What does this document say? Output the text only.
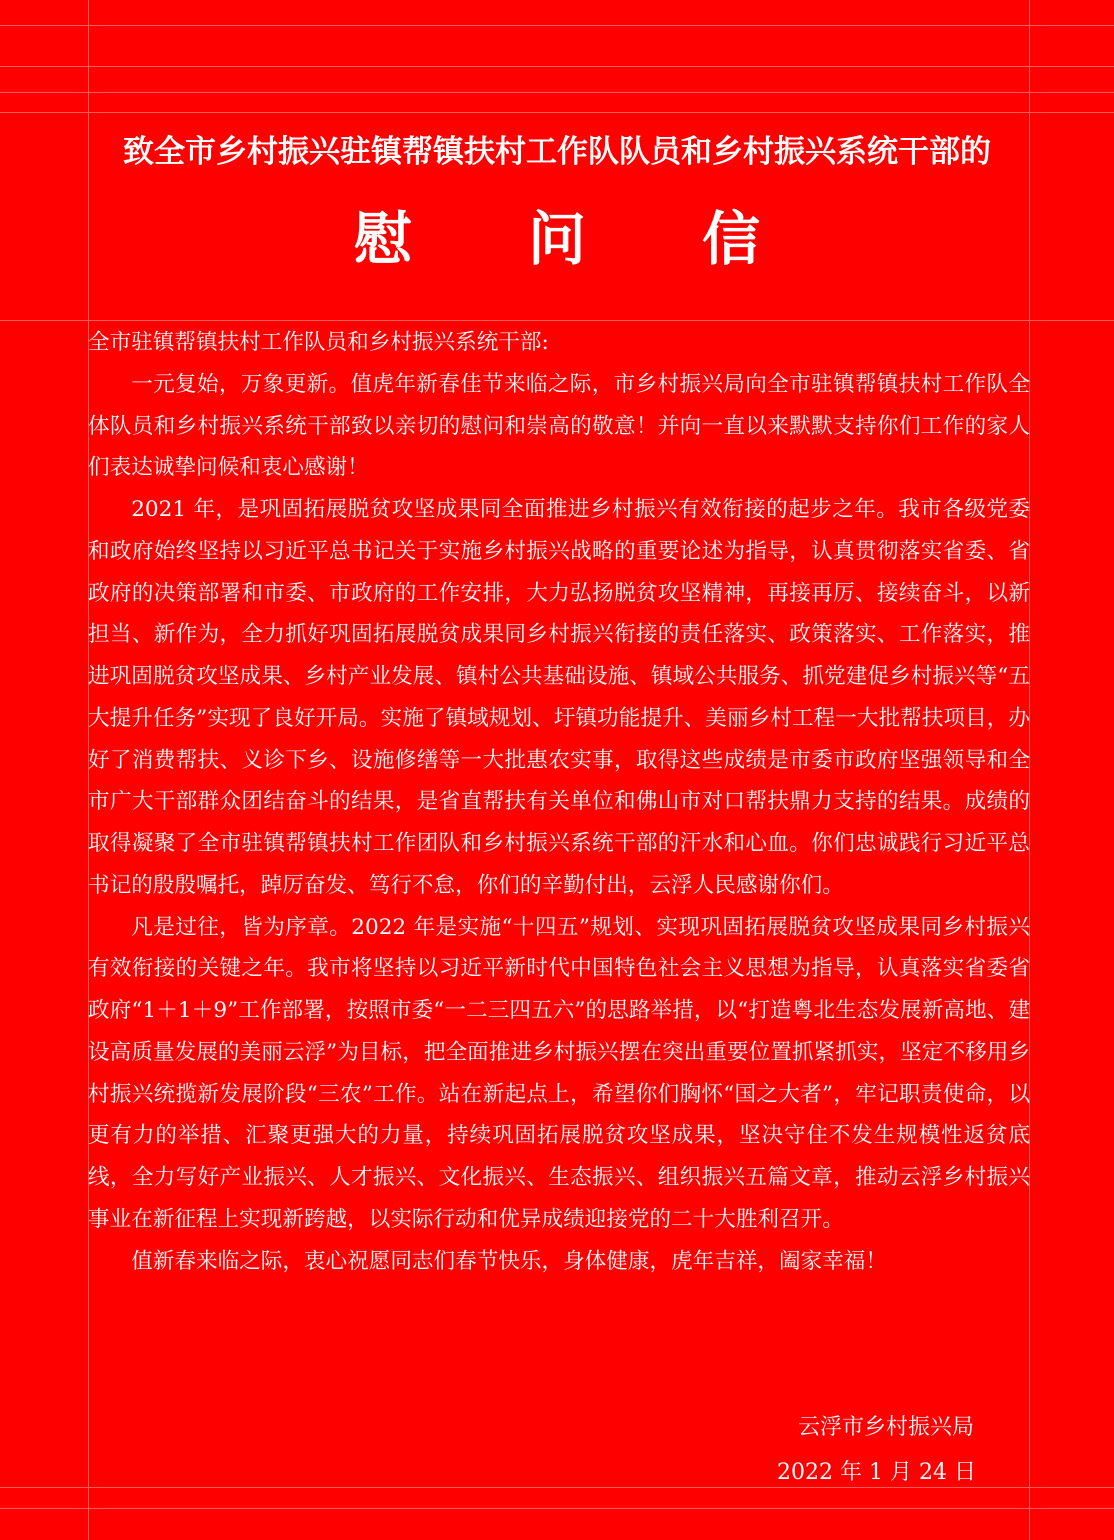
致全市乡村振兴驻镇帮镇扶村工作队队员和乡村振兴系统干部的
慰 问 信

全市驻镇帮镇扶村工作队员和乡村振兴系统干部:

一元复始，万象更新。值虎年新春佳节来临之际，市乡村振兴局向全市驻镇帮镇扶村工作队全体队员和乡村振兴系统干部致以亲切的慰问和崇高的敬意！并向一直以来默默支持你们工作的家人们表达诚挚问候和衷心感谢！

2021 年，是巩固拓展脱贫攻坚成果同全面推进乡村振兴有效衔接的起步之年。我市各级党委和政府始终坚持以习近平总书记关于实施乡村振兴战略的重要论述为指导，认真贯彻落实省委、省政府的决策部署和市委、市政府的工作安排，大力弘扬脱贫攻坚精神，再接再厉、接续奋斗，以新担当、新作为，全力抓好巩固拓展脱贫成果同乡村振兴衔接的责任落实、政策落实、工作落实，推进巩固脱贫攻坚成果、乡村产业发展、镇村公共基础设施、镇域公共服务、抓党建促乡村振兴等“五大提升任务”实现了良好开局。实施了镇域规划、圩镇功能提升、美丽乡村工程一大批帮扶项目，办好了消费帮扶、义诊下乡、设施修缮等一大批惠农实事，取得这些成绩是市委市政府坚强领导和全市广大干部群众团结奋斗的结果，是省直帮扶有关单位和佛山市对口帮扶鼎力支持的结果。成绩的取得凝聚了全市驻镇帮镇扶村工作团队和乡村振兴系统干部的汗水和心血。你们忠诚践行习近平总书记的殷殷嘱托，踔厉奋发、笃行不怠，你们的辛勤付出，云浮人民感谢你们。

凡是过往，皆为序章。2022 年是实施“十四五”规划、实现巩固拓展脱贫攻坚成果同乡村振兴有效衔接的关键之年。我市将坚持以习近平新时代中国特色社会主义思想为指导，认真落实省委省政府“1＋1＋9”工作部署，按照市委“一二三四五六”的思路举措，以“打造粤北生态发展新高地、建设高质量发展的美丽云浮”为目标，把全面推进乡村振兴摆在突出重要位置抓紧抓实，坚定不移用乡村振兴统揽新发展阶段“三农”工作。站在新起点上，希望你们胸怀“国之大者”，牢记职责使命，以更有力的举措、汇聚更强大的力量，持续巩固拓展脱贫攻坚成果，坚决守住不发生规模性返贫底线，全力写好产业振兴、人才振兴、文化振兴、生态振兴、组织振兴五篇文章，推动云浮乡村振兴事业在新征程上实现新跨越，以实际行动和优异成绩迎接党的二十大胜利召开。

值新春来临之际，衷心祝愿同志们春节快乐，身体健康，虎年吉祥，阖家幸福！

云浮市乡村振兴局
2022 年 1 月 24 日
